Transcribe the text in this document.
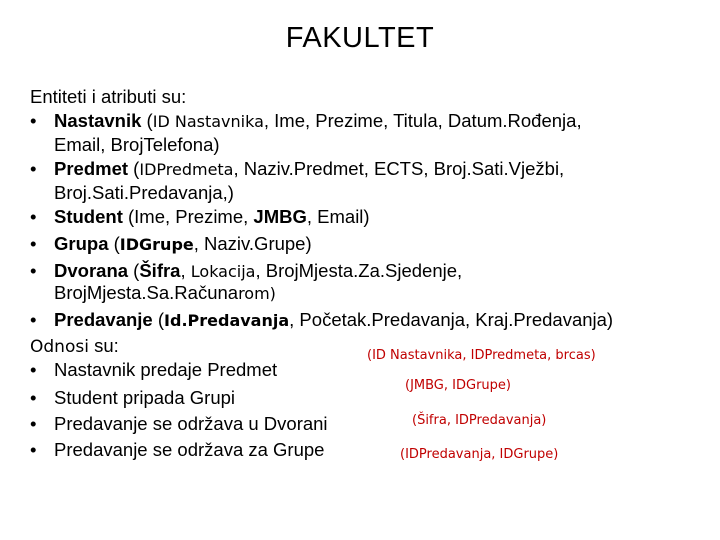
FAKULTET
Entiteti i atributi su:
• Nastavnik (ID Nastavnika, Ime, Prezime, Titula, Datum.Rođenja,
Email, BrojTelefona)
• Predmet (IDPredmeta, Naziv.Predmet, ECTS, Broj.Sati.Vježbi,
Broj.Sati.Predavanja,)
• Student (Ime, Prezime, JMBG, Email)
• Grupa (IDGrupe, Naziv.Grupe)
• Dvorana (Šifra, Lokacija, BrojMjesta.Za.Sjedenje,
BrojMjesta.Sa.Računarom)
• Predavanje (Id.Predavanja, Početak.Predavanja, Kraj.Predavanja)
Odnosi su:
• Nastavnik predaje Predmet
• Student pripada Grupi
• Predavanje se održava u Dvorani
• Predavanje se održava za Grupe
(ID Nastavnika, IDPredmeta, brcas)
(JMBG, IDGrupe)
(Šifra, IDPredavanja)
(IDPredavanja, IDGrupe)
